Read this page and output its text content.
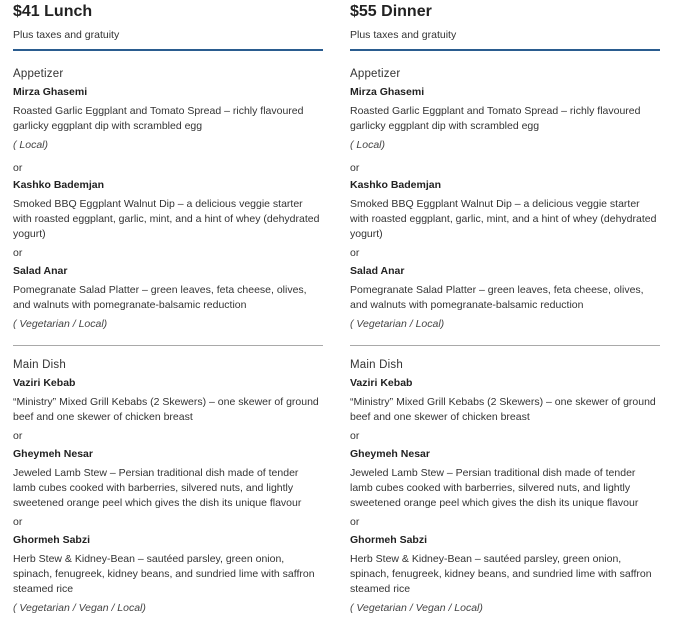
$41 Lunch
Plus taxes and gratuity
Appetizer
Mirza Ghasemi
Roasted Garlic Eggplant and Tomato Spread – richly flavoured garlicky eggplant dip with scrambled egg
( Local)
or
Kashko Bademjan
Smoked BBQ Eggplant Walnut Dip – a delicious veggie starter with roasted eggplant, garlic, mint, and a hint of whey (dehydrated yogurt)
or
Salad Anar
Pomegranate Salad Platter – green leaves, feta cheese, olives, and walnuts with pomegranate-balsamic reduction
( Vegetarian / Local)
Main Dish
Vaziri Kebab
“Ministry” Mixed Grill Kebabs (2 Skewers) – one skewer of ground beef and one skewer of chicken breast
or
Gheymeh Nesar
Jeweled Lamb Stew – Persian traditional dish made of tender lamb cubes cooked with barberries, silvered nuts, and lightly sweetened orange peel which gives the dish its unique flavour
or
Ghormeh Sabzi
Herb Stew & Kidney-Bean – sautéed parsley, green onion, spinach, fenugreek, kidney beans, and sundried lime with saffron steamed rice
( Vegetarian / Vegan / Local)
$55 Dinner
Plus taxes and gratuity
Appetizer
Mirza Ghasemi
Roasted Garlic Eggplant and Tomato Spread – richly flavoured garlicky eggplant dip with scrambled egg
( Local)
or
Kashko Bademjan
Smoked BBQ Eggplant Walnut Dip – a delicious veggie starter with roasted eggplant, garlic, mint, and a hint of whey (dehydrated yogurt)
or
Salad Anar
Pomegranate Salad Platter – green leaves, feta cheese, olives, and walnuts with pomegranate-balsamic reduction
( Vegetarian / Local)
Main Dish
Vaziri Kebab
“Ministry” Mixed Grill Kebabs (2 Skewers) – one skewer of ground beef and one skewer of chicken breast
or
Gheymeh Nesar
Jeweled Lamb Stew – Persian traditional dish made of tender lamb cubes cooked with barberries, silvered nuts, and lightly sweetened orange peel which gives the dish its unique flavour
or
Ghormeh Sabzi
Herb Stew & Kidney-Bean – sautéed parsley, green onion, spinach, fenugreek, kidney beans, and sundried lime with saffron steamed rice
( Vegetarian / Vegan / Local)
